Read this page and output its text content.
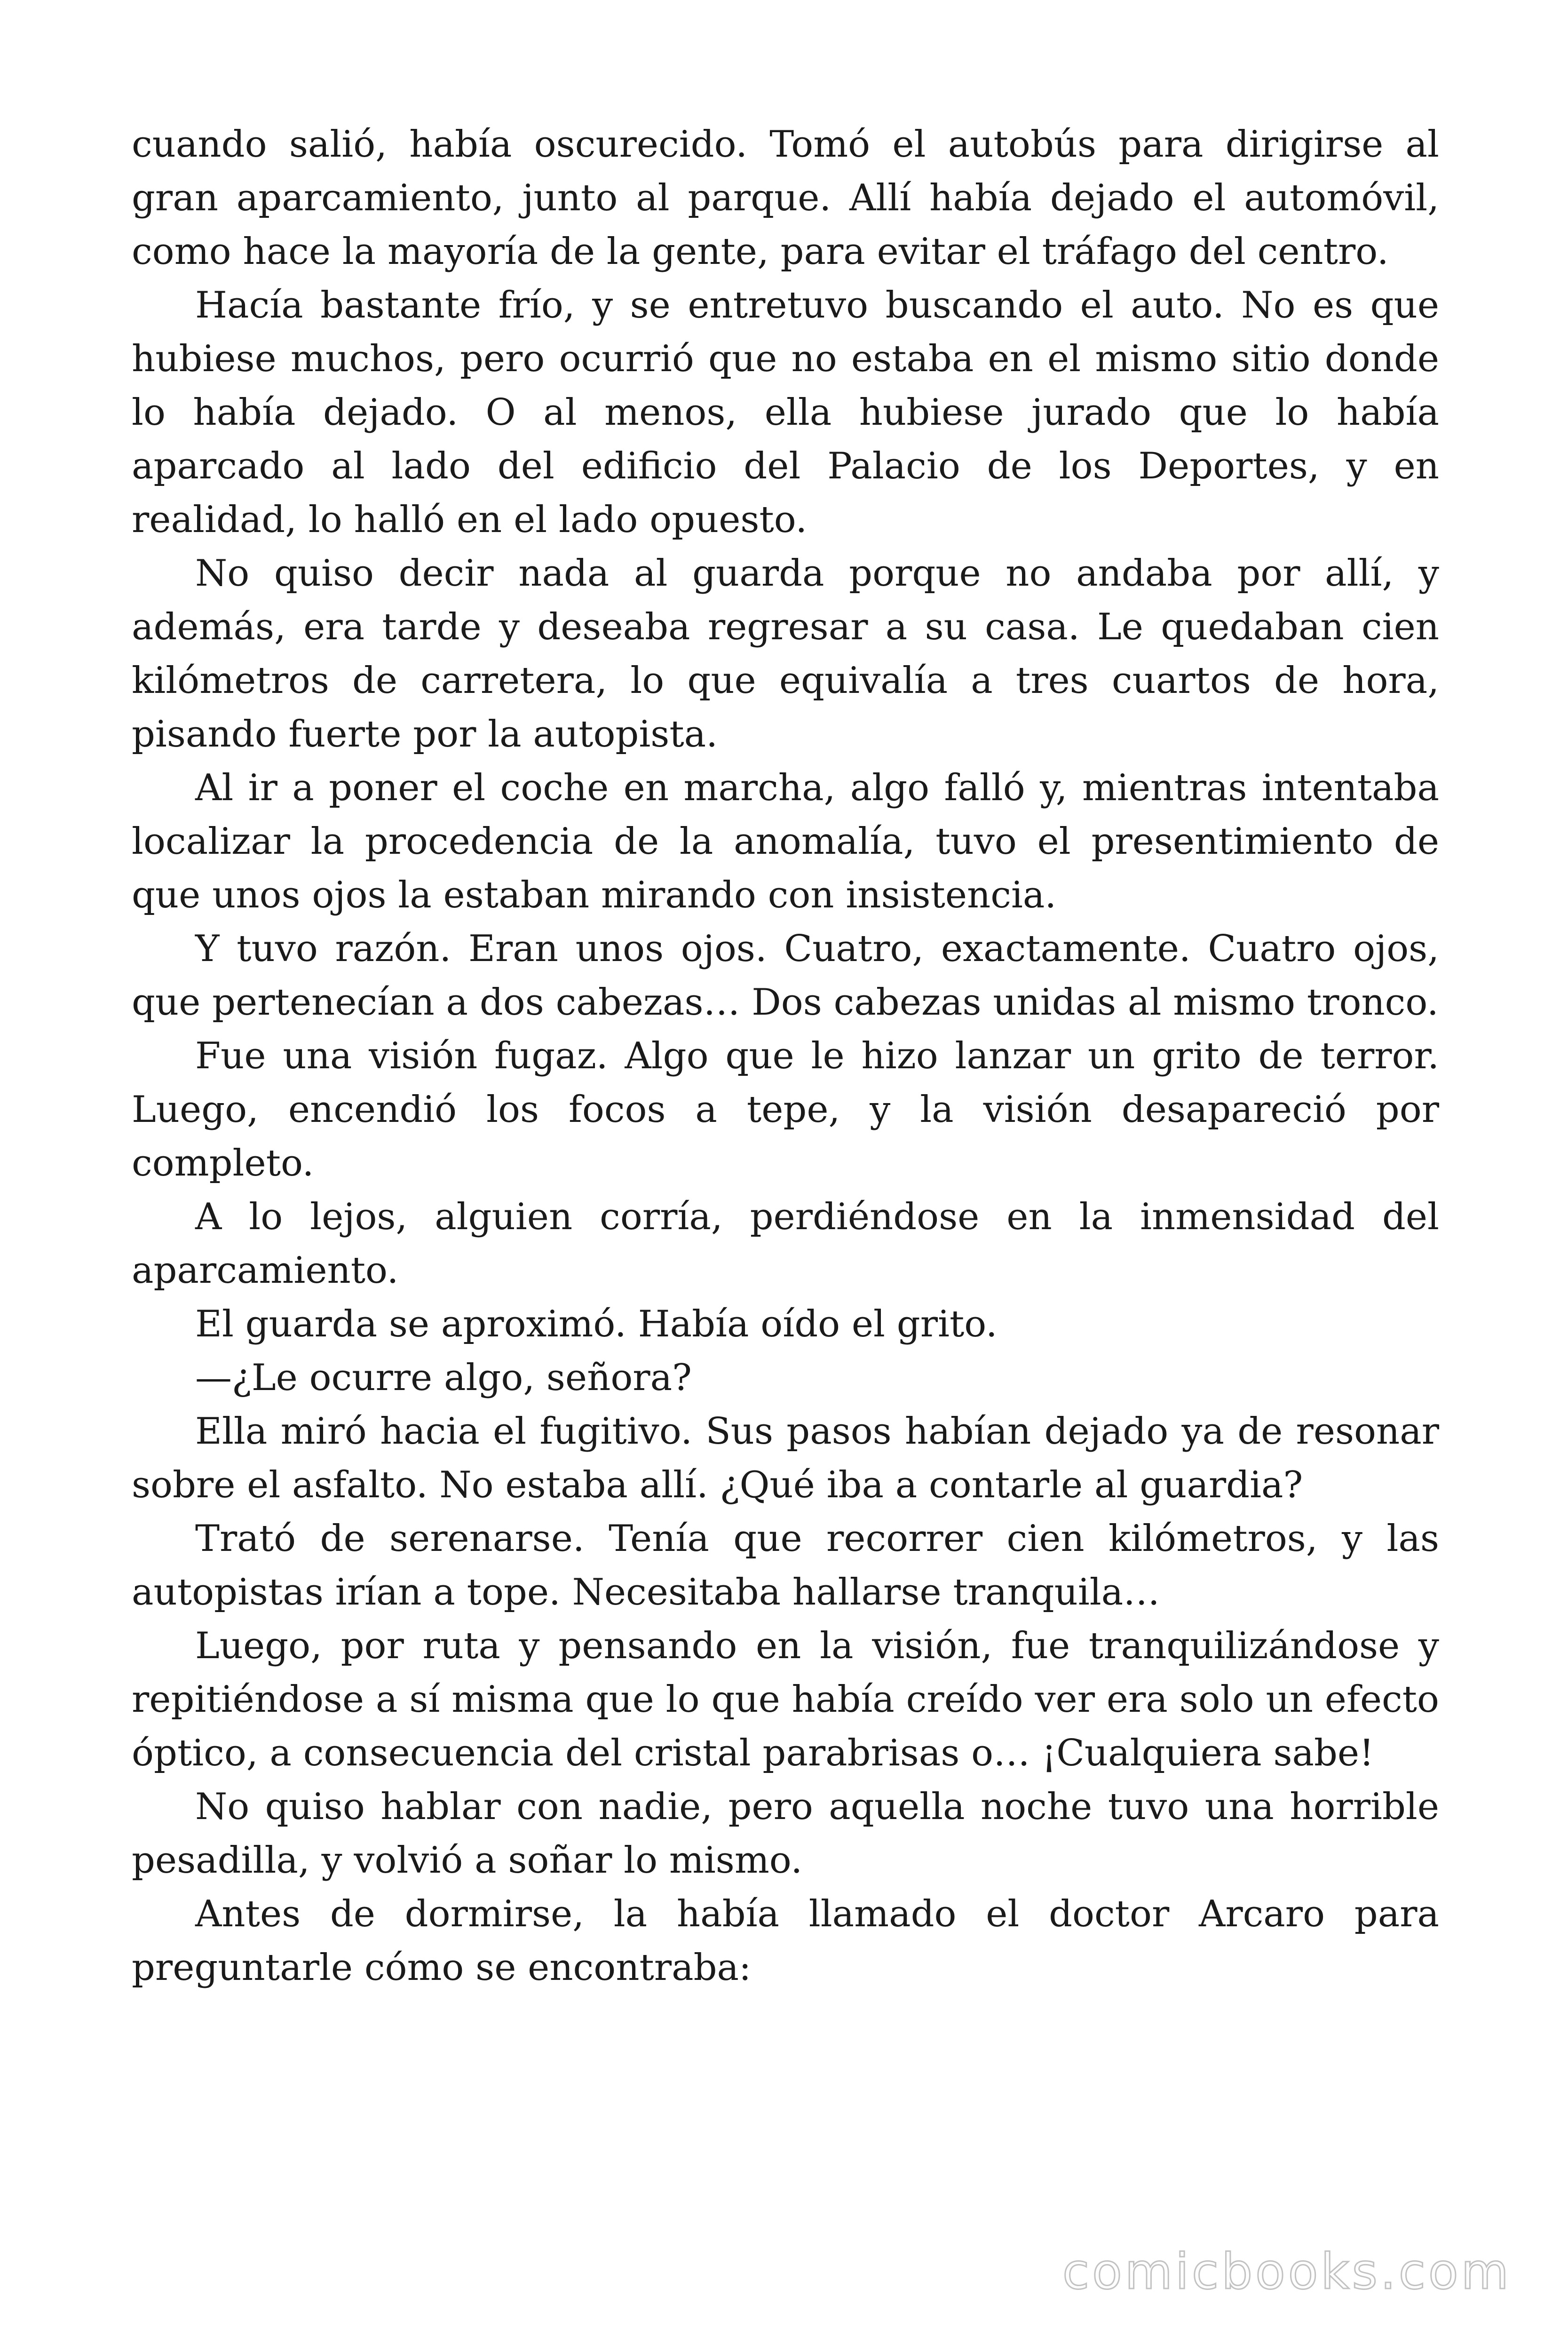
cuando salió, había oscurecido. Tomó el autobús para dirigirse al gran aparcamiento, junto al parque. Allí había dejado el automóvil, como hace la mayoría de la gente, para evitar el tráfago del centro.

Hacía bastante frío, y se entretuvo buscando el auto. No es que hubiese muchos, pero ocurrió que no estaba en el mismo sitio donde lo había dejado. O al menos, ella hubiese jurado que lo había aparcado al lado del edificio del Palacio de los Deportes, y en realidad, lo halló en el lado opuesto.

No quiso decir nada al guarda porque no andaba por allí, y además, era tarde y deseaba regresar a su casa. Le quedaban cien kilómetros de carretera, lo que equivalía a tres cuartos de hora, pisando fuerte por la autopista.

Al ir a poner el coche en marcha, algo falló y, mientras intentaba localizar la procedencia de la anomalía, tuvo el presentimiento de que unos ojos la estaban mirando con insistencia.

Y tuvo razón. Eran unos ojos. Cuatro, exactamente. Cuatro ojos, que pertenecían a dos cabezas… Dos cabezas unidas al mismo tronco.

Fue una visión fugaz. Algo que le hizo lanzar un grito de terror. Luego, encendió los focos a tepe, y la visión desapareció por completo.

A lo lejos, alguien corría, perdiéndose en la inmensidad del aparcamiento.

El guarda se aproximó. Había oído el grito.

—¿Le ocurre algo, señora?

Ella miró hacia el fugitivo. Sus pasos habían dejado ya de resonar sobre el asfalto. No estaba allí. ¿Qué iba a contarle al guardia?

Trató de serenarse. Tenía que recorrer cien kilómetros, y las autopistas irían a tope. Necesitaba hallarse tranquila…

Luego, por ruta y pensando en la visión, fue tranquilizándose y repitiéndose a sí misma que lo que había creído ver era solo un efecto óptico, a consecuencia del cristal parabrisas o… ¡Cualquiera sabe!

No quiso hablar con nadie, pero aquella noche tuvo una horrible pesadilla, y volvió a soñar lo mismo.

Antes de dormirse, la había llamado el doctor Arcaro para preguntarle cómo se encontraba:

comicbooks.com
